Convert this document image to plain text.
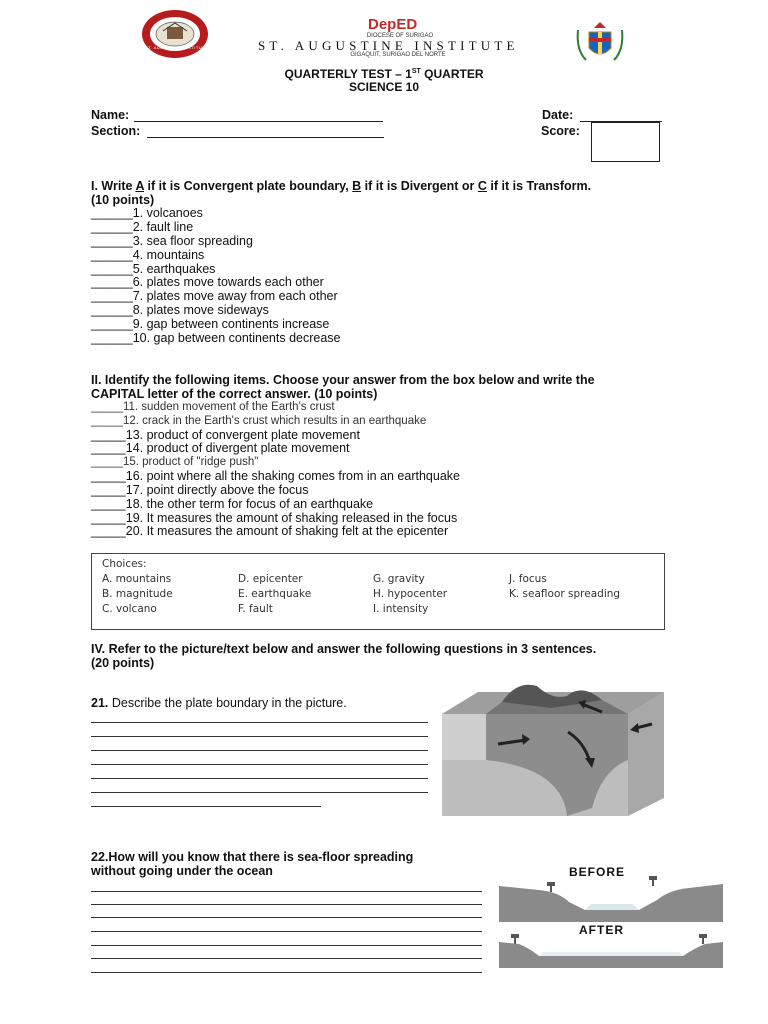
ST. AUGUSTINE INSTITUTE
DepED
DIOCESE OF SURIGAO
ST. AUGUSTINE INSTITUTE
GIGAQUIT, SURIGAO DEL NORTE
QUARTERLY TEST – 1ST QUARTER
SCIENCE 10
Name:
Section:
Date:
Score:
I. Write A if it is Convergent plate boundary, B if it is Divergent or C if it is Transform.
(10 points)
______1. volcanoes
______2. fault line
______3. sea floor spreading
______4. mountains
______5. earthquakes
______6. plates move towards each other
______7. plates move away from each other
______8. plates move sideways
______9. gap between continents increase
______10. gap between continents decrease
II. Identify the following items. Choose your answer from the box below and write the
CAPITAL letter of the correct answer. (10 points)
_____11. sudden movement of the Earth's crust
_____12. crack in the Earth's crust which results in an earthquake
_____13. product of convergent plate movement
_____14. product of divergent plate movement
_____15. product of "ridge push"
_____16. point where all the shaking comes from in an earthquake
_____17. point directly above the focus
_____18. the other term for focus of an earthquake
_____19. It measures the amount of shaking released in the focus
_____20. It measures the amount of shaking felt at the epicenter
Choices:
A. mountains
B. magnitude
C. volcano
D. epicenter
E. earthquake
F. fault
G. gravity
H. hypocenter
I. intensity
J. focus
K. seafloor spreading
IV. Refer to the picture/text below and answer the following questions in 3 sentences.
(20 points)
21. Describe the plate boundary in the picture.
22.How will you know that there is sea-floor spreading
without going under the ocean	BEFORE
AFTER
